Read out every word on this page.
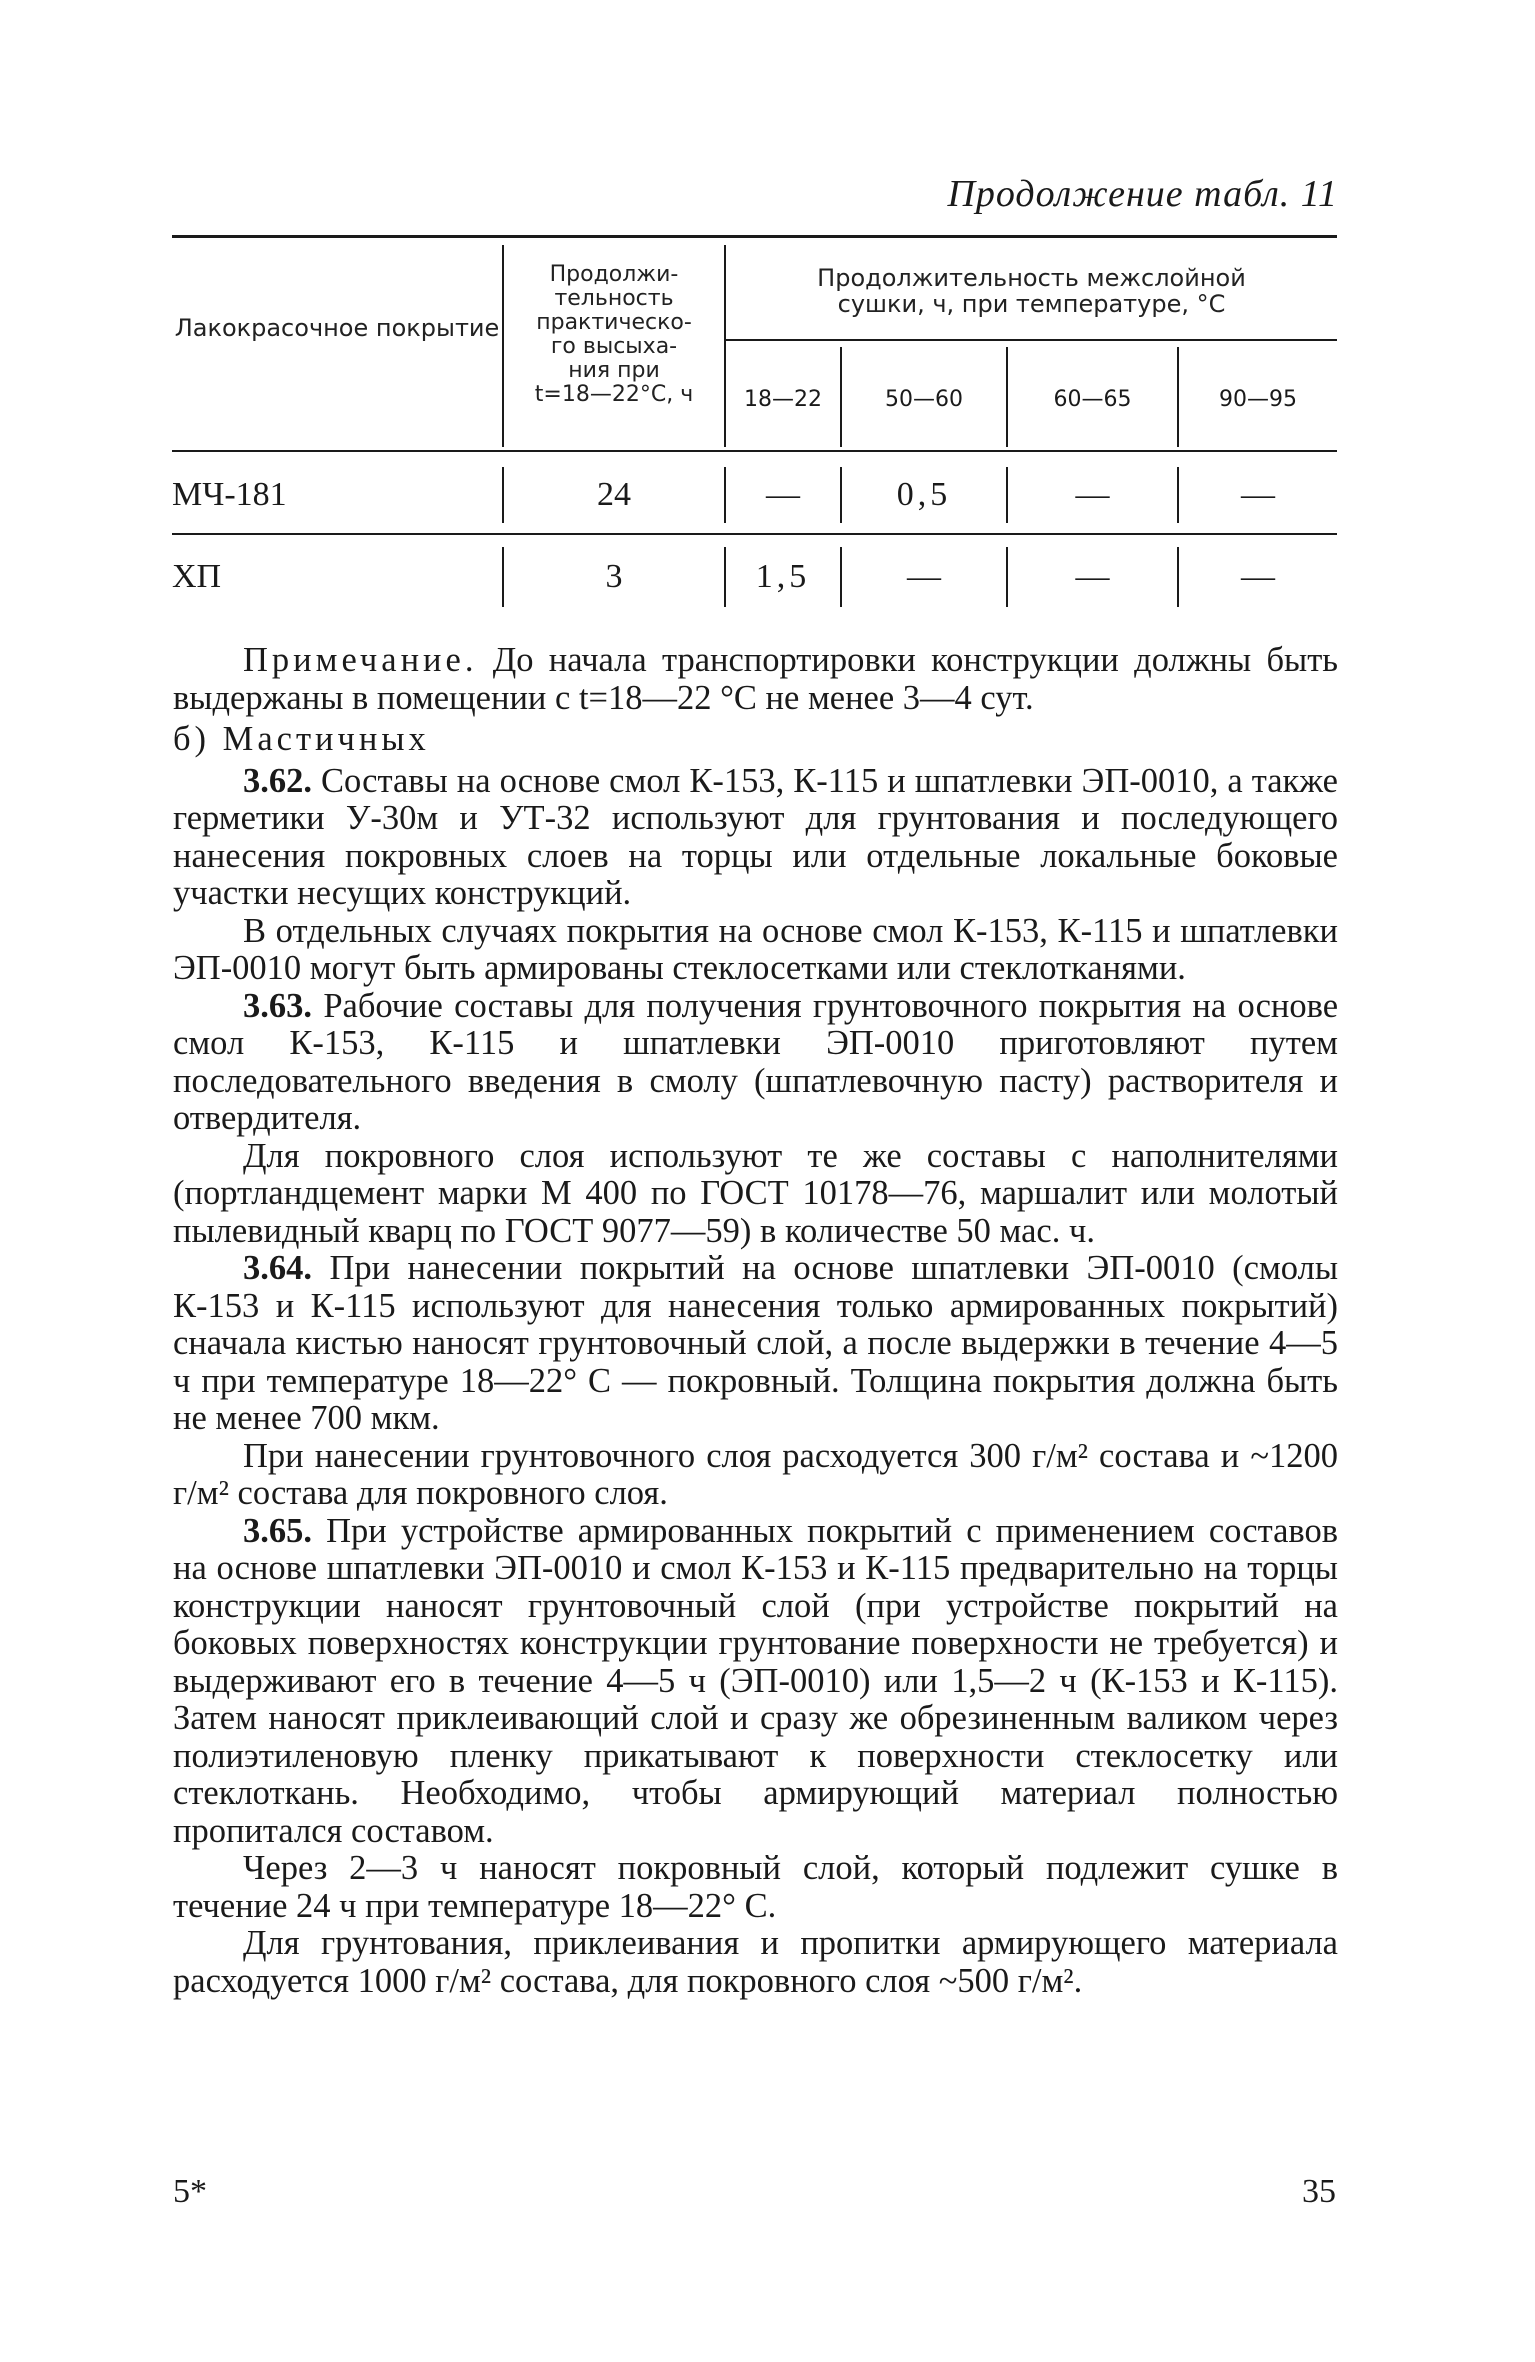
Продолжение табл. 11
Лакокрасочное покрытие
Продолжи-
тельность
практическо-
го высыха-
ния при
t=18—22°С, ч
Продолжительность межслойной
сушки, ч, при температуре, °С
18—22	50—60	60—65	90—95
МЧ-181	24	—	0,5	—	—
ХП	3	1,5	—	—	—

Примечание. До начала транспортировки конструкции должны быть выдержаны в помещении с t=18—22 °С не менее 3—4 сут.

б) Мастичных

3.62. Составы на основе смол К-153, К-115 и шпатлевки ЭП-0010, а также герметики У-30м и УТ-32 используют для грунтования и последующего нанесения покровных слоев на торцы или отдельные локальные боковые участки несущих конструкций.

В отдельных случаях покрытия на основе смол К-153, К-115 и шпатлевки ЭП-0010 могут быть армированы стеклосетками или стеклотканями.

3.63. Рабочие составы для получения грунтовочного покрытия на основе смол К-153, К-115 и шпатлевки ЭП-0010 приготовляют путем последовательного введения в смолу (шпатлевочную пасту) растворителя и отвердителя.

Для покровного слоя используют те же составы с наполнителями (портландцемент марки М 400 по ГОСТ 10178—76, маршалит или молотый пылевидный кварц по ГОСТ 9077—59) в количестве 50 мас. ч.

3.64. При нанесении покрытий на основе шпатлевки ЭП-0010 (смолы К-153 и К-115 используют для нанесения только армированных покрытий) сначала кистью наносят грунтовочный слой, а после выдержки в течение 4—5 ч при температуре 18—22° С — покровный. Толщина покрытия должна быть не менее 700 мкм.

При нанесении грунтовочного слоя расходуется 300 г/м² состава и ~1200 г/м² состава для покровного слоя.

3.65. При устройстве армированных покрытий с применением составов на основе шпатлевки ЭП-0010 и смол К-153 и К-115 предварительно на торцы конструкции наносят грунтовочный слой (при устройстве покрытий на боковых поверхностях конструкции грунтование поверхности не требуется) и выдерживают его в течение 4—5 ч (ЭП-0010) или 1,5—2 ч (К-153 и К-115). Затем наносят приклеивающий слой и сразу же обрезиненным валиком через полиэтиленовую пленку прикатывают к поверхности стеклосетку или стеклоткань. Необходимо, чтобы армирующий материал полностью пропитался составом.

Через 2—3 ч наносят покровный слой, который подлежит сушке в течение 24 ч при температуре 18—22° С.

Для грунтования, приклеивания и пропитки армирующего материала расходуется 1000 г/м² состава, для покровного слоя ~500 г/м².

5*	35
